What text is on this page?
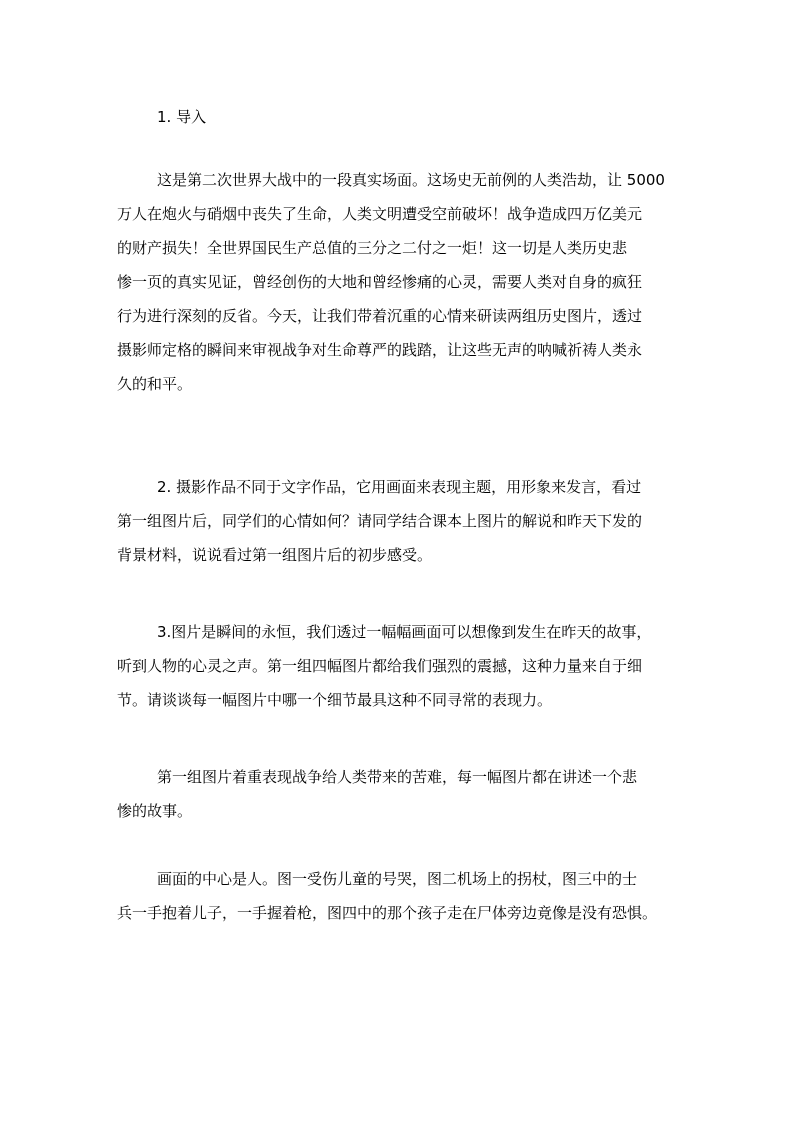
1. 导入
这是第二次世界大战中的一段真实场面。这场史无前例的人类浩劫，让 5000
万人在炮火与硝烟中丧失了生命，人类文明遭受空前破坏！战争造成四万亿美元
的财产损失！全世界国民生产总值的三分之二付之一炬！这一切是人类历史悲
惨一页的真实见证，曾经创伤的大地和曾经惨痛的心灵，需要人类对自身的疯狂
行为进行深刻的反省。今天，让我们带着沉重的心情来研读两组历史图片，透过
摄影师定格的瞬间来审视战争对生命尊严的践踏，让这些无声的呐喊祈祷人类永
久的和平。
2. 摄影作品不同于文字作品，它用画面来表现主题，用形象来发言，看过
第一组图片后，同学们的心情如何？请同学结合课本上图片的解说和昨天下发的
背景材料，说说看过第一组图片后的初步感受。
3.图片是瞬间的永恒，我们透过一幅幅画面可以想像到发生在昨天的故事，
听到人物的心灵之声。第一组四幅图片都给我们强烈的震撼，这种力量来自于细
节。请谈谈每一幅图片中哪一个细节最具这种不同寻常的表现力。
第一组图片着重表现战争给人类带来的苦难，每一幅图片都在讲述一个悲
惨的故事。
画面的中心是人。图一受伤儿童的号哭，图二机场上的拐杖，图三中的士
兵一手抱着儿子，一手握着枪，图四中的那个孩子走在尸体旁边竟像是没有恐惧。
